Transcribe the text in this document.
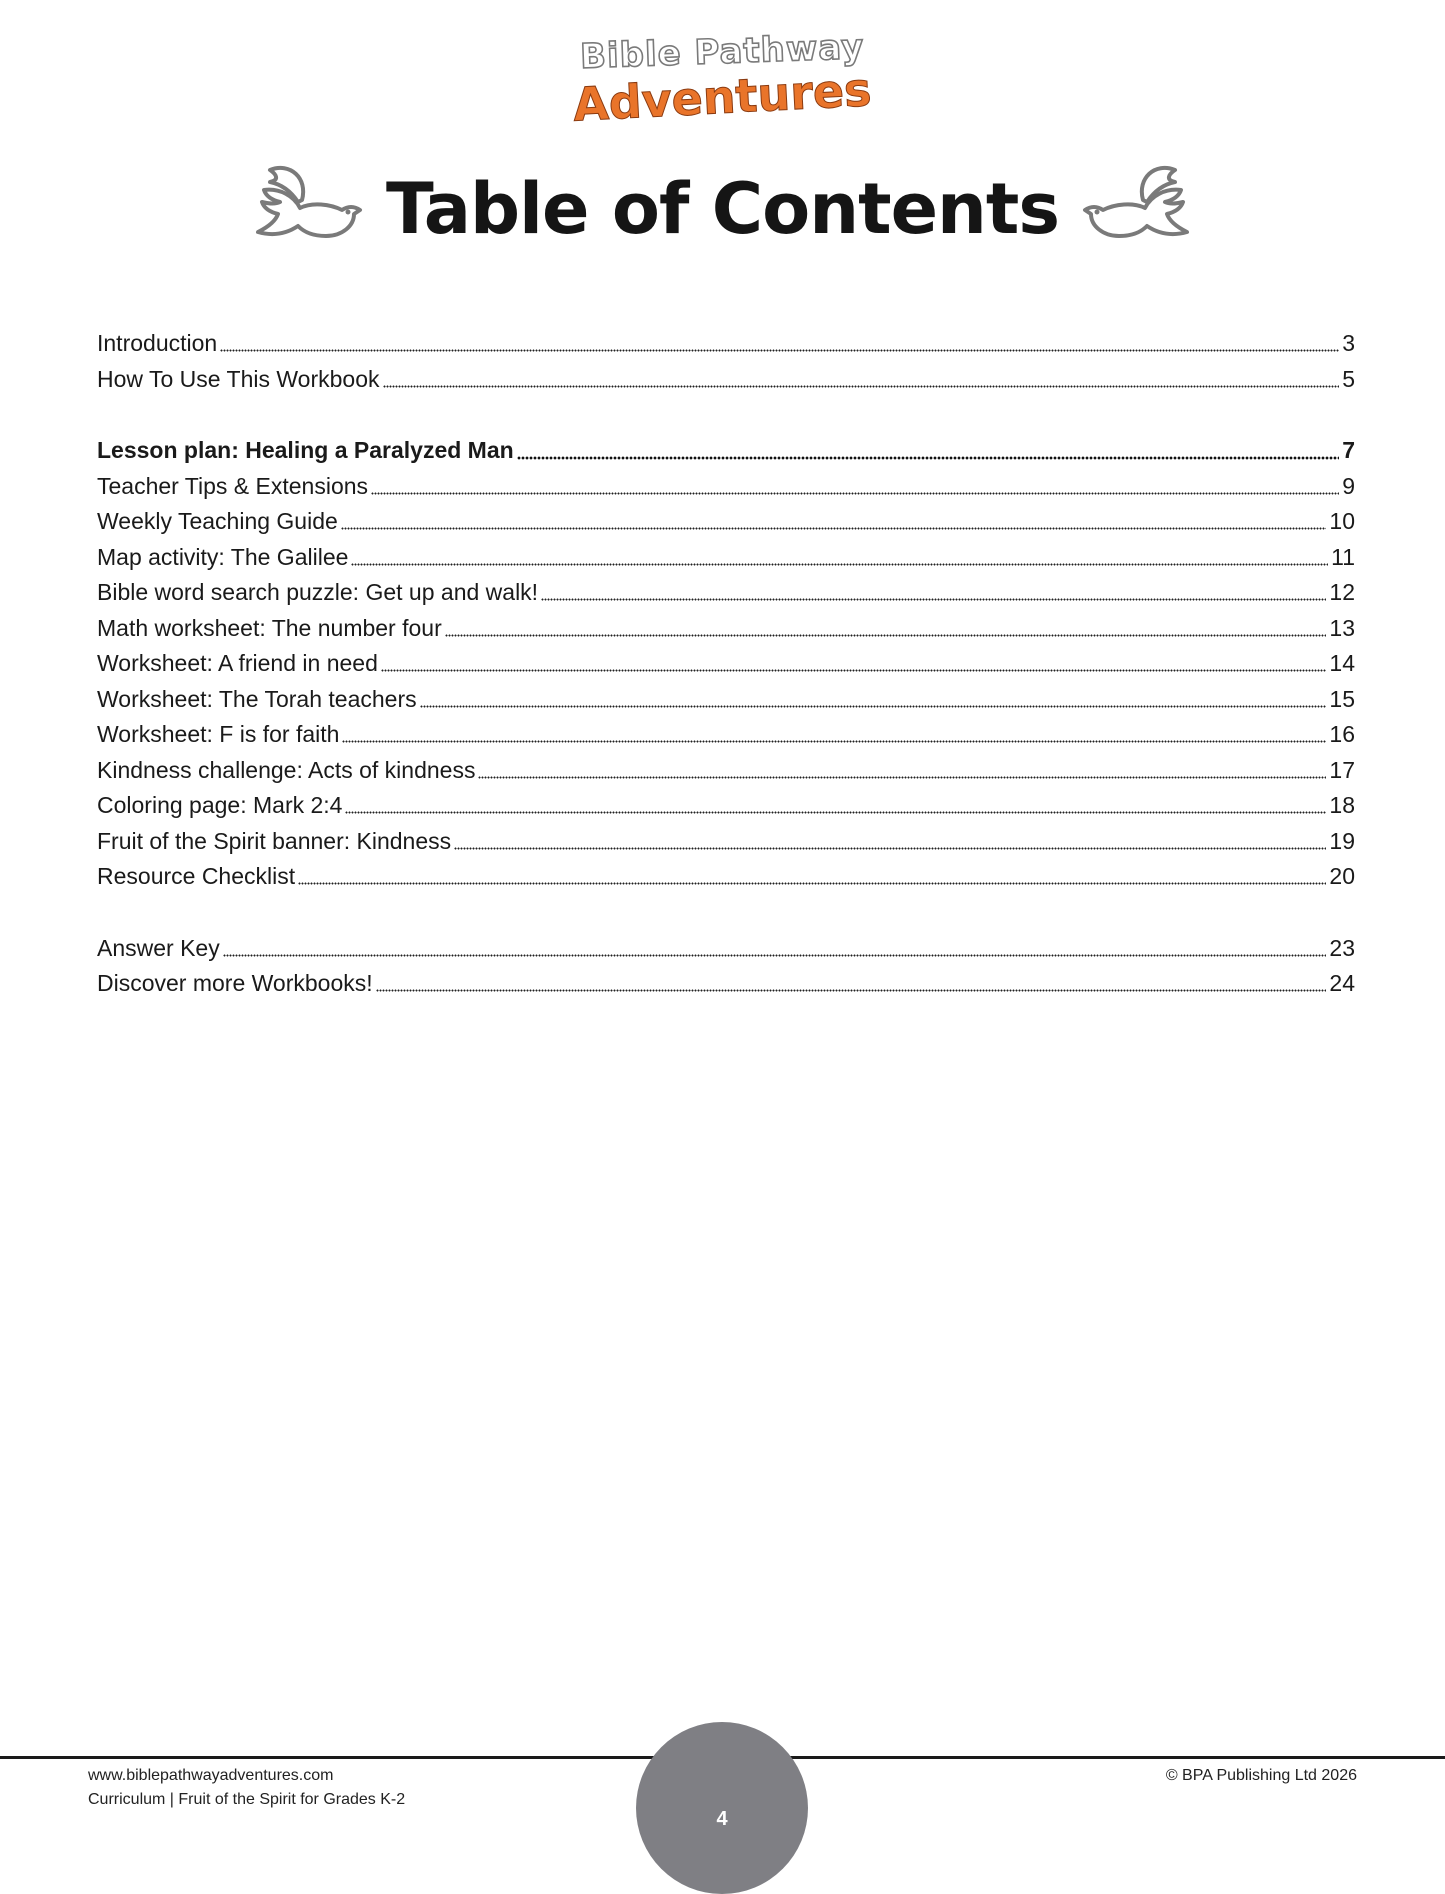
Bible Pathway
Adventures
Table of Contents
Introduction	3
How To Use This Workbook	5
Lesson plan: Healing a Paralyzed Man	7
Teacher Tips & Extensions	9
Weekly Teaching Guide	10
Map activity: The Galilee	11
Bible word search puzzle: Get up and walk!	12
Math worksheet: The number four	13
Worksheet: A friend in need	14
Worksheet: The Torah teachers	15
Worksheet: F is for faith	16
Kindness challenge: Acts of kindness	17
Coloring page: Mark 2:4	18
Fruit of the Spirit banner: Kindness	19
Resource Checklist	20
Answer Key	23
Discover more Workbooks!	24
www.biblepathwayadventures.com
Curriculum | Fruit of the Spirit for Grades K-2
© BPA Publishing Ltd 2026
4
